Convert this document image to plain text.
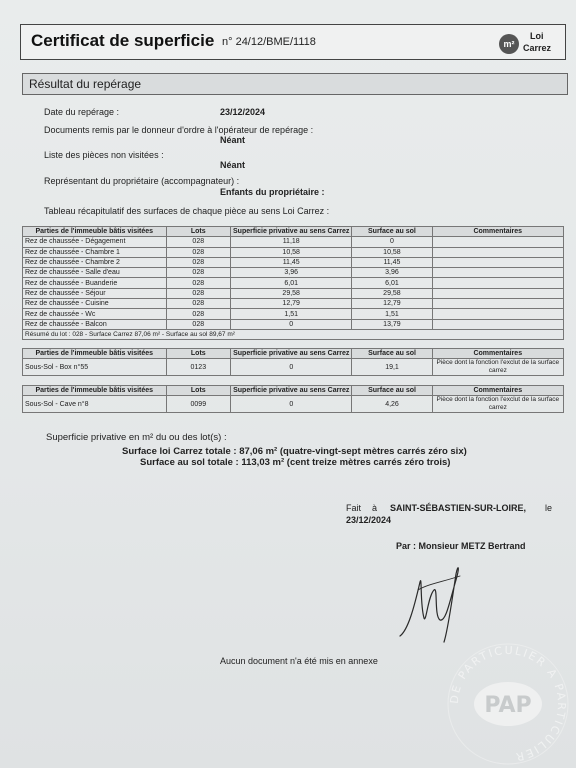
Certificat de superficie n° 24/12/BME/1118	m²
Loi
Carrez
Résultat du repérage
Date du repérage :	23/12/2024
Documents remis par le donneur d'ordre à l'opérateur de repérage :
Néant
Liste des pièces non visitées :
Néant
Représentant du propriétaire (accompagnateur) :
Enfants du propriétaire :
Tableau récapitulatif des surfaces de chaque pièce au sens Loi Carrez :
Parties de l'immeuble bâtis visitées	Lots	Superficie privative au sens Carrez	Surface au sol	Commentaires
Rez de chaussée - Dégagement	028	11,18	0	
Rez de chaussée - Chambre 1	028	10,58	10,58	
Rez de chaussée - Chambre 2	028	11,45	11,45	
Rez de chaussée - Salle d'eau	028	3,96	3,96	
Rez de chaussée - Buanderie	028	6,01	6,01	
Rez de chaussée - Séjour	028	29,58	29,58	
Rez de chaussée - Cuisine	028	12,79	12,79	
Rez de chaussée - Wc	028	1,51	1,51	
Rez de chaussée - Balcon	028	0	13,79	
Résumé du lot : 028 - Surface Carrez 87,06 m² - Surface au sol 89,67 m²				
Parties de l'immeuble bâtis visitées	Lots	Superficie privative au sens Carrez	Surface au sol	Commentaires
Sous-Sol - Box n°55	0123	0	19,1	Pièce dont la fonction l'exclut de la surface carrez
Parties de l'immeuble bâtis visitées	Lots	Superficie privative au sens Carrez	Surface au sol	Commentaires
Sous-Sol - Cave n°8	0099	0	4,26	Pièce dont la fonction l'exclut de la surface carrez
Superficie privative en m² du ou des lot(s) :
Surface loi Carrez totale : 87,06 m² (quatre-vingt-sept mètres carrés zéro six)
Surface au sol totale : 113,03 m² (cent treize mètres carrés zéro trois)
Fait à SAINT-SÉBASTIEN-SUR-LOIRE, le
23/12/2024
Par : Monsieur METZ Bertrand
Aucun document n'a été mis en annexe
DE PARTICULIER A PARTICULIER
PAP
